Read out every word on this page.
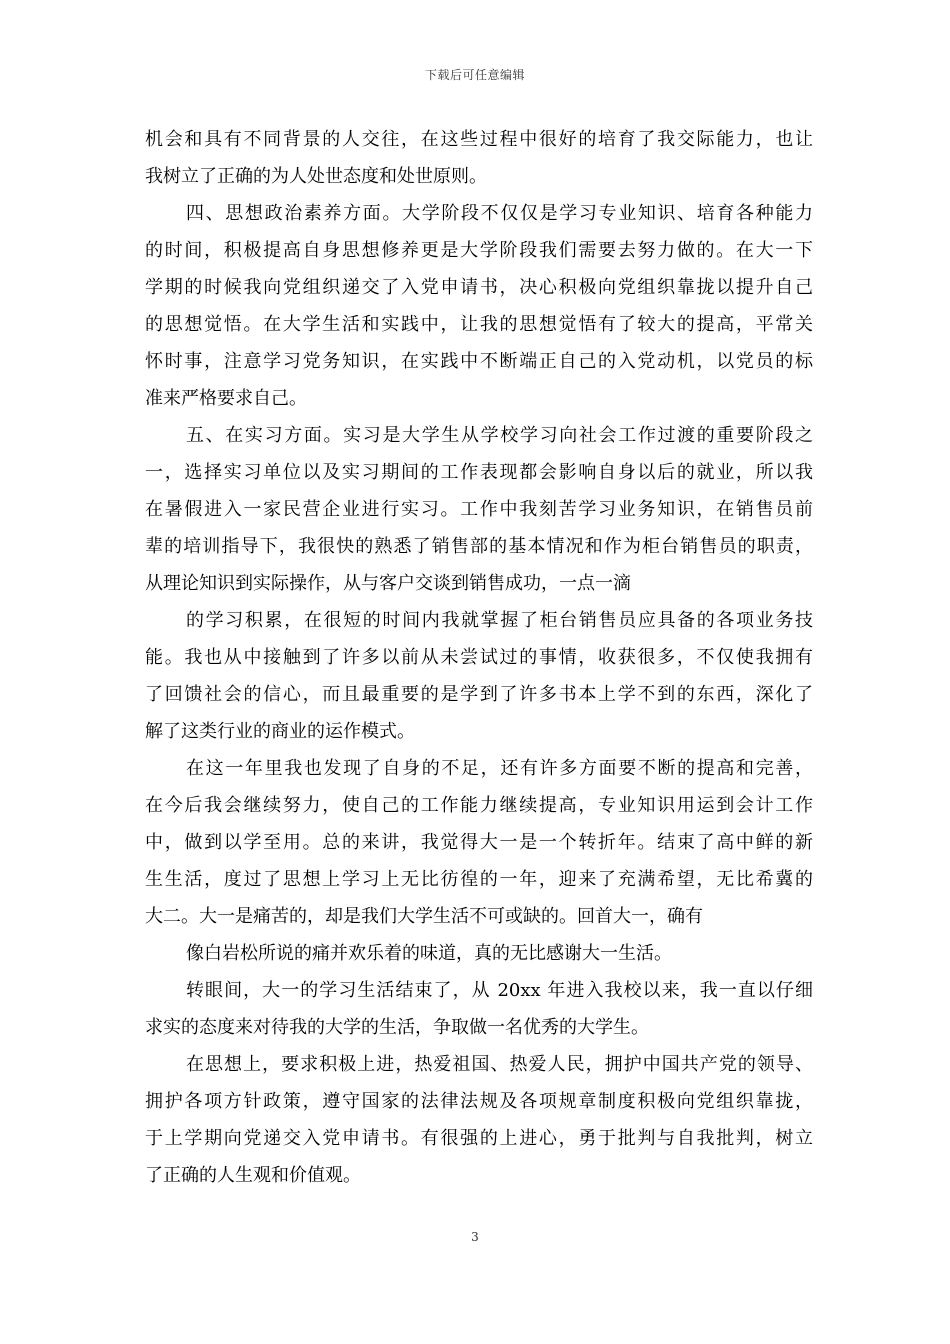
下载后可任意编辑
机会和具有不同背景的人交往，在这些过程中很好的培育了我交际能力，也让
我树立了正确的为人处世态度和处世原则。
四、思想政治素养方面。大学阶段不仅仅是学习专业知识、培育各种能力
的时间，积极提高自身思想修养更是大学阶段我们需要去努力做的。在大一下
学期的时候我向党组织递交了入党申请书，决心积极向党组织靠拢以提升自己
的思想觉悟。在大学生活和实践中，让我的思想觉悟有了较大的提高，平常关
怀时事，注意学习党务知识，在实践中不断端正自己的入党动机，以党员的标
准来严格要求自己。
五、在实习方面。实习是大学生从学校学习向社会工作过渡的重要阶段之
一，选择实习单位以及实习期间的工作表现都会影响自身以后的就业，所以我
在暑假进入一家民营企业进行实习。工作中我刻苦学习业务知识，在销售员前
辈的培训指导下，我很快的熟悉了销售部的基本情况和作为柜台销售员的职责，
从理论知识到实际操作，从与客户交谈到销售成功，一点一滴
的学习积累，在很短的时间内我就掌握了柜台销售员应具备的各项业务技
能。我也从中接触到了许多以前从未尝试过的事情，收获很多，不仅使我拥有
了回馈社会的信心，而且最重要的是学到了许多书本上学不到的东西，深化了
解了这类行业的商业的运作模式。
在这一年里我也发现了自身的不足，还有许多方面要不断的提高和完善，
在今后我会继续努力，使自己的工作能力继续提高，专业知识用运到会计工作
中，做到以学至用。总的来讲，我觉得大一是一个转折年。结束了高中鲜的新
生生活，度过了思想上学习上无比彷徨的一年，迎来了充满希望，无比希冀的
大二。大一是痛苦的，却是我们大学生活不可或缺的。回首大一，确有
像白岩松所说的痛并欢乐着的味道，真的无比感谢大一生活。
转眼间，大一的学习生活结束了，从 20xx 年进入我校以来，我一直以仔细
求实的态度来对待我的大学的生活，争取做一名优秀的大学生。
在思想上，要求积极上进，热爱祖国、热爱人民，拥护中国共产党的领导、
拥护各项方针政策，遵守国家的法律法规及各项规章制度积极向党组织靠拢，
于上学期向党递交入党申请书。有很强的上进心，勇于批判与自我批判，树立
了正确的人生观和价值观。
3
